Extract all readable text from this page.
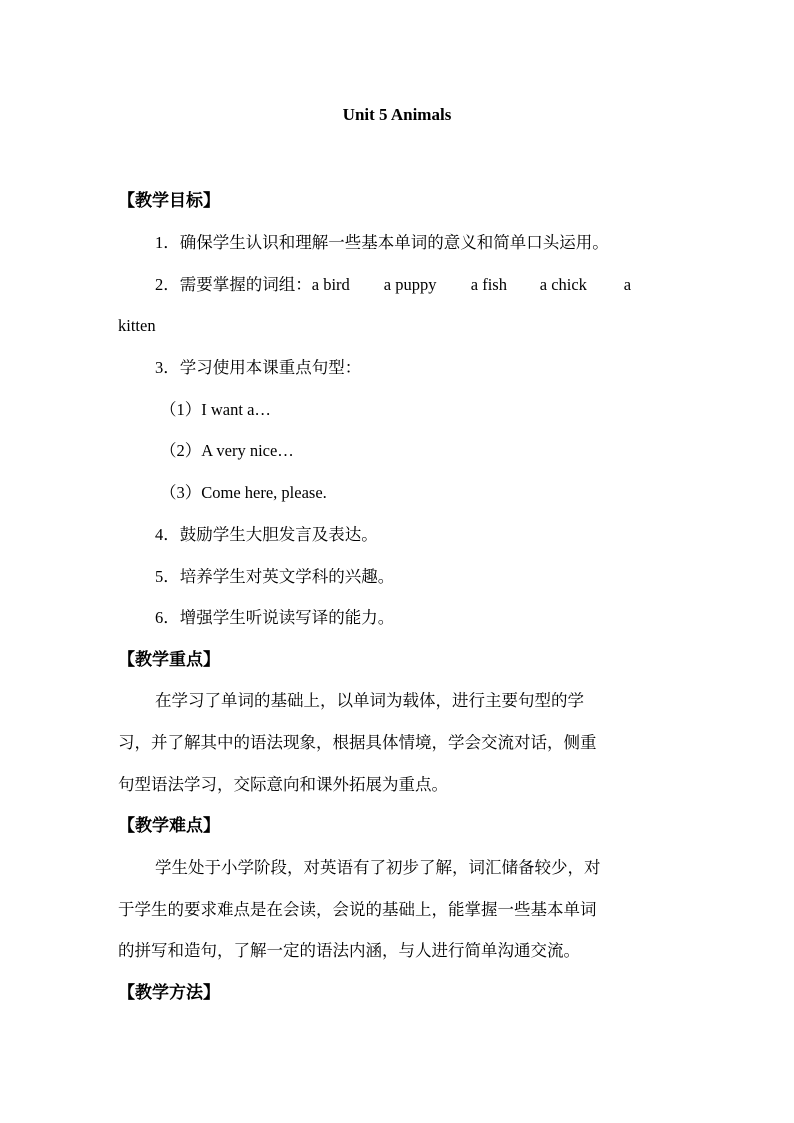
Unit 5 Animals
【教学目标】
1．确保学生认识和理解一些基本单词的意义和简单口头运用。
2．需要掌握的词组：a bird a puppy a fish a chick a
kitten
3．学习使用本课重点句型：
（1）I want a…
（2）A very nice…
（3）Come here, please.
4．鼓励学生大胆发言及表达。
5．培养学生对英文学科的兴趣。
6．增强学生听说读写译的能力。
【教学重点】
在学习了单词的基础上，以单词为载体，进行主要句型的学
习，并了解其中的语法现象，根据具体情境，学会交流对话，侧重
句型语法学习，交际意向和课外拓展为重点。
【教学难点】
学生处于小学阶段，对英语有了初步了解，词汇储备较少，对
于学生的要求难点是在会读，会说的基础上，能掌握一些基本单词
的拼写和造句，了解一定的语法内涵，与人进行简单沟通交流。
【教学方法】
